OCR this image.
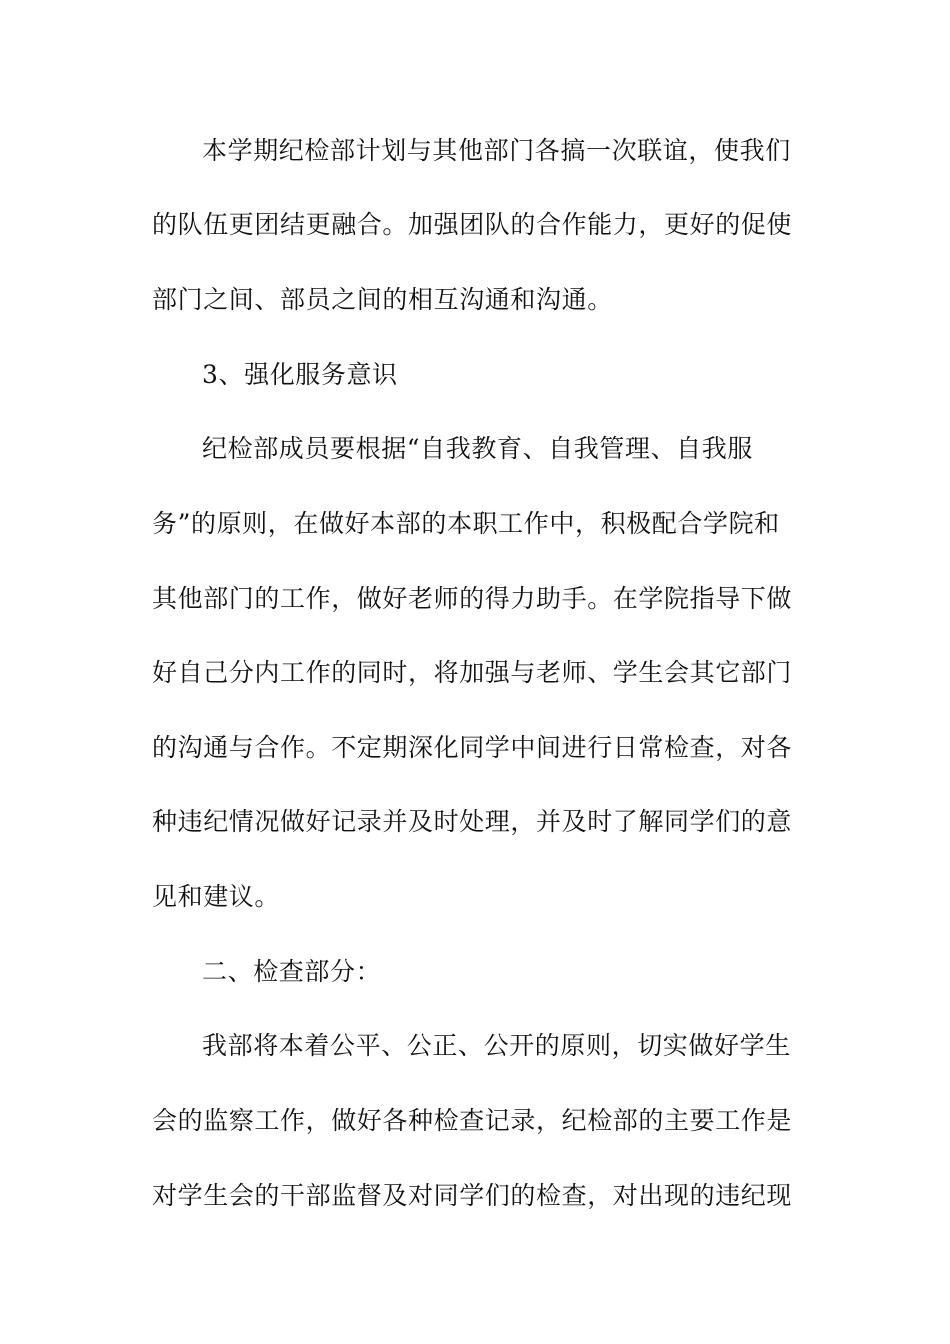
本学期纪检部计划与其他部门各搞一次联谊，使我们
的队伍更团结更融合。加强团队的合作能力，更好的促使
部门之间、部员之间的相互沟通和沟通。
3、强化服务意识
纪检部成员要根据“自我教育、自我管理、自我服
务”的原则，在做好本部的本职工作中，积极配合学院和
其他部门的工作，做好老师的得力助手。在学院指导下做
好自己分内工作的同时，将加强与老师、学生会其它部门
的沟通与合作。不定期深化同学中间进行日常检查，对各
种违纪情况做好记录并及时处理，并及时了解同学们的意
见和建议。
二、检查部分：
我部将本着公平、公正、公开的原则，切实做好学生
会的监察工作，做好各种检查记录，纪检部的主要工作是
对学生会的干部监督及对同学们的检查，对出现的违纪现
